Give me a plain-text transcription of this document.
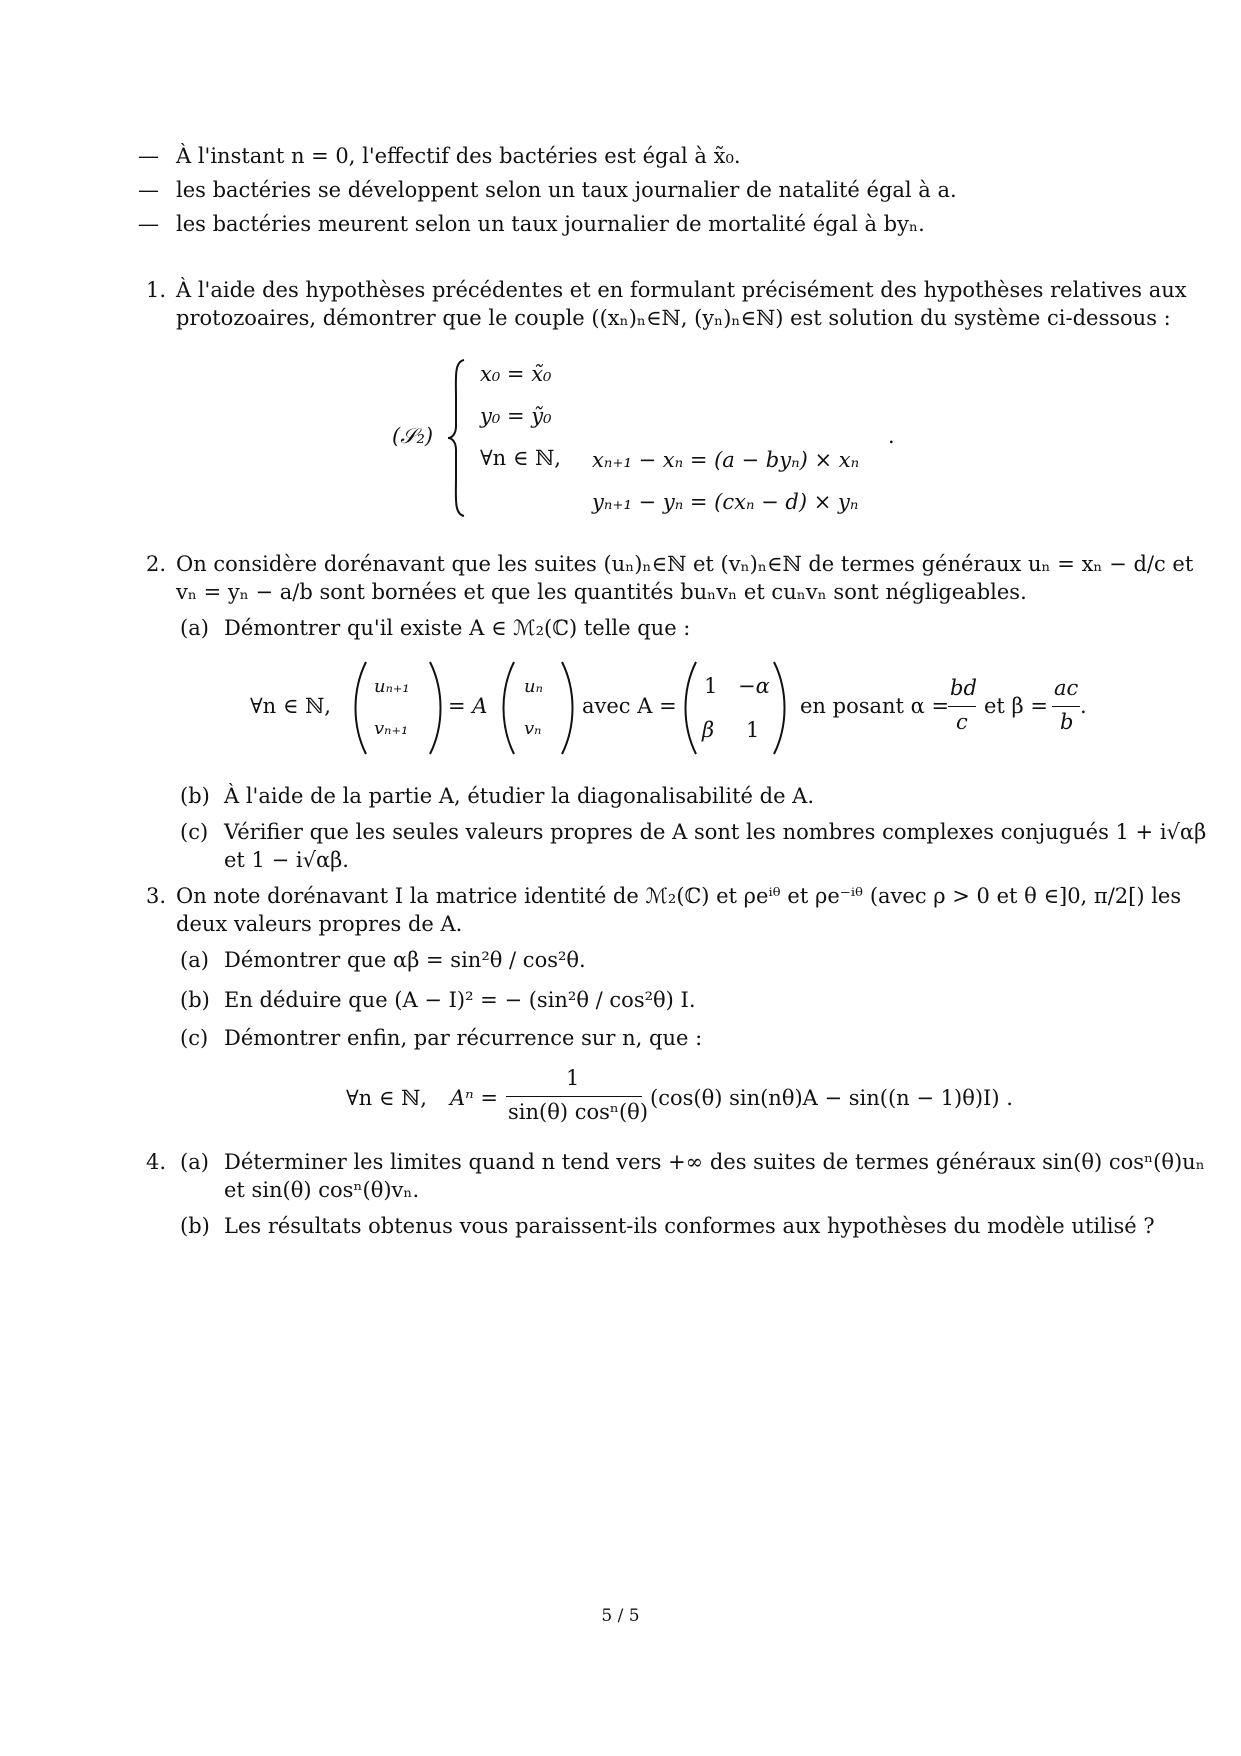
— À l'instant n = 0, l'effectif des bactéries est égal à x̃₀.
— les bactéries se développent selon un taux journalier de natalité égal à a.
— les bactéries meurent selon un taux journalier de mortalité égal à byₙ.
1. À l'aide des hypothèses précédentes et en formulant précisément des hypothèses relatives aux
protozoaires, démontrer que le couple ((xₙ)ₙ∈ℕ, (yₙ)ₙ∈ℕ) est solution du système ci-dessous :
(𝒮₂)
x₀ = x̃₀
y₀ = ỹ₀
∀n ∈ ℕ, xₙ₊₁ − xₙ = (a − byₙ) × xₙ
yₙ₊₁ − yₙ = (cxₙ − d) × yₙ
.
2. On considère dorénavant que les suites (uₙ)ₙ∈ℕ et (vₙ)ₙ∈ℕ de termes généraux uₙ = xₙ − d/c et
vₙ = yₙ − a/b sont bornées et que les quantités buₙvₙ et cuₙvₙ sont négligeables.
(a) Démontrer qu'il existe A ∈ ℳ₂(ℂ) telle que :
∀n ∈ ℕ,
uₙ₊₁
vₙ₊₁
= A
uₙ
vₙ
avec A =
1 −α
β 1
en posant α =
bd
c
et β =
ac
b
.
(b) À l'aide de la partie A, étudier la diagonalisabilité de A.
(c) Vérifier que les seules valeurs propres de A sont les nombres complexes conjugués 1 + i√αβ
et 1 − i√αβ.
3. On note dorénavant I la matrice identité de ℳ₂(ℂ) et ρeⁱᶿ et ρe⁻ⁱᶿ (avec ρ > 0 et θ ∈]0, π/2[) les
deux valeurs propres de A.
(a) Démontrer que αβ = sin²θ / cos²θ.
(b) En déduire que (A − I)² = − (sin²θ / cos²θ) I.
(c) Démontrer enfin, par récurrence sur n, que :
∀n ∈ ℕ, Aⁿ =
1
sin(θ) cosⁿ(θ)
(cos(θ) sin(nθ)A − sin((n − 1)θ)I) .
4. (a) Déterminer les limites quand n tend vers +∞ des suites de termes généraux sin(θ) cosⁿ(θ)uₙ
et sin(θ) cosⁿ(θ)vₙ.
(b) Les résultats obtenus vous paraissent-ils conformes aux hypothèses du modèle utilisé ?
5 / 5
